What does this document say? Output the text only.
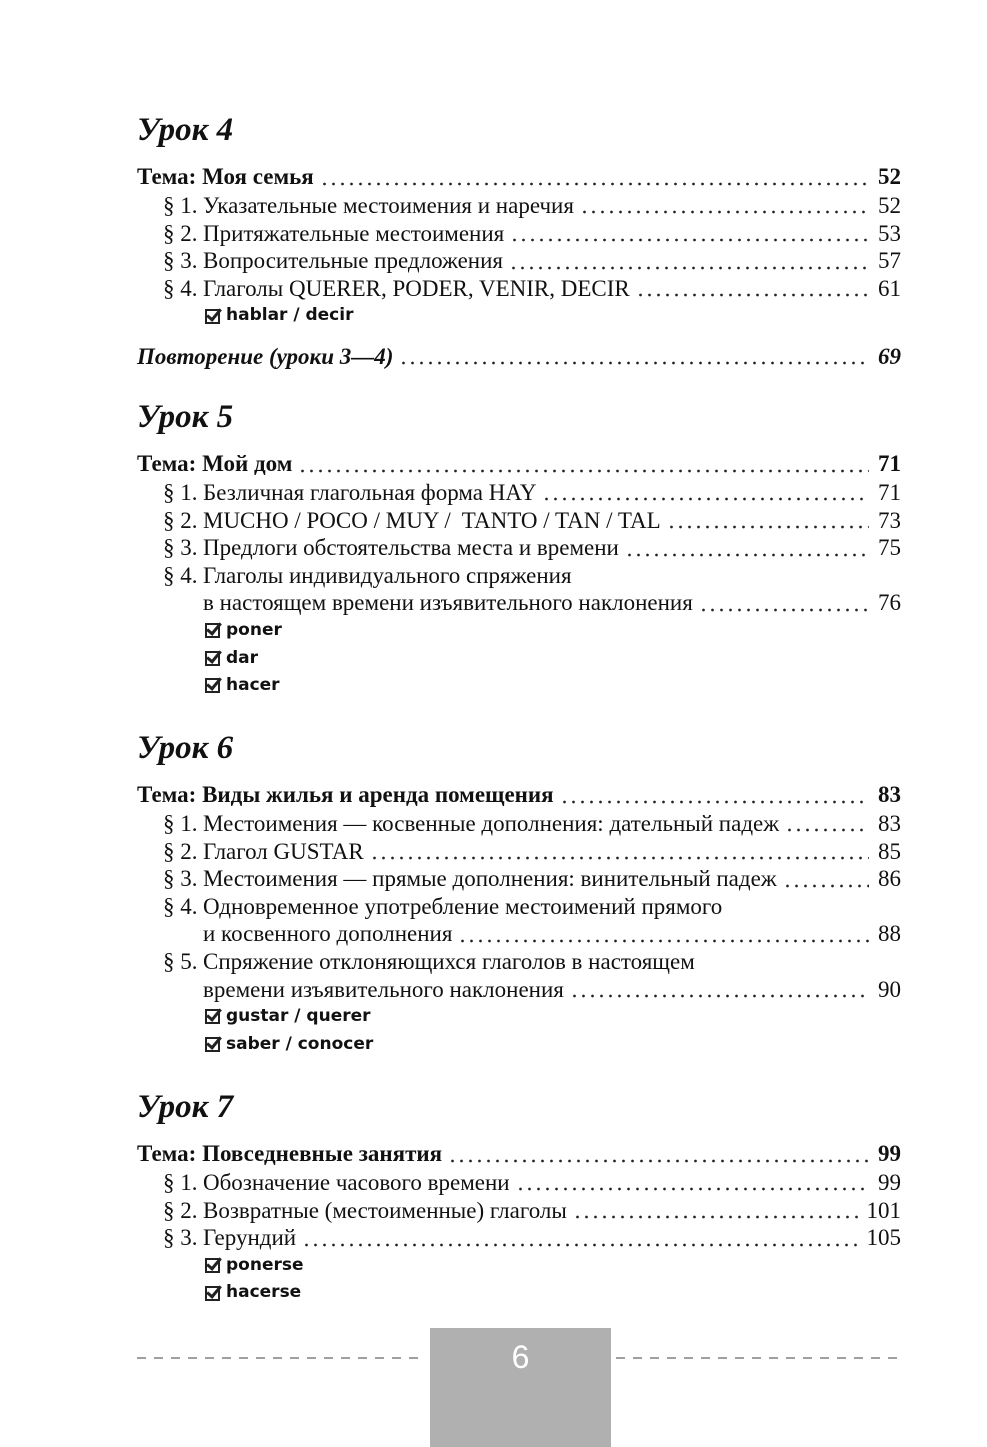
Урок 4
Тема: Моя семья	52
§ 1. Указательные местоимения и наречия	52
§ 2. Притяжательные местоимения	53
§ 3. Вопросительные предложения	57
§ 4. Глаголы QUERER, PODER, VENIR, DECIR	61
hablar / decir
Повторение (уроки 3—4)	69
Урок 5
Тема: Мой дом	71
§ 1. Безличная глагольная форма HAY	71
§ 2. MUCHO / POCO / MUY /  TANTO / TAN / TAL	73
§ 3. Предлоги обстоятельства места и времени	75
§ 4. Глаголы индивидуального спряжения
в настоящем времени изъявительного наклонения	76
poner
dar
hacer
Урок 6
Тема: Виды жилья и аренда помещения	83
§ 1. Местоимения — косвенные дополнения: дательный падеж	83
§ 2. Глагол GUSTAR	85
§ 3. Местоимения — прямые дополнения: винительный падеж	86
§ 4. Одновременное употребление местоимений прямого
и косвенного дополнения	88
§ 5. Спряжение отклоняющихся глаголов в настоящем
времени изъявительного наклонения	90
gustar / querer
saber / conocer
Урок 7
Тема: Повседневные занятия	99
§ 1. Обозначение часового времени	99
§ 2. Возвратные (местоименные) глаголы	101
§ 3. Герундий	105
ponerse
hacerse
6
